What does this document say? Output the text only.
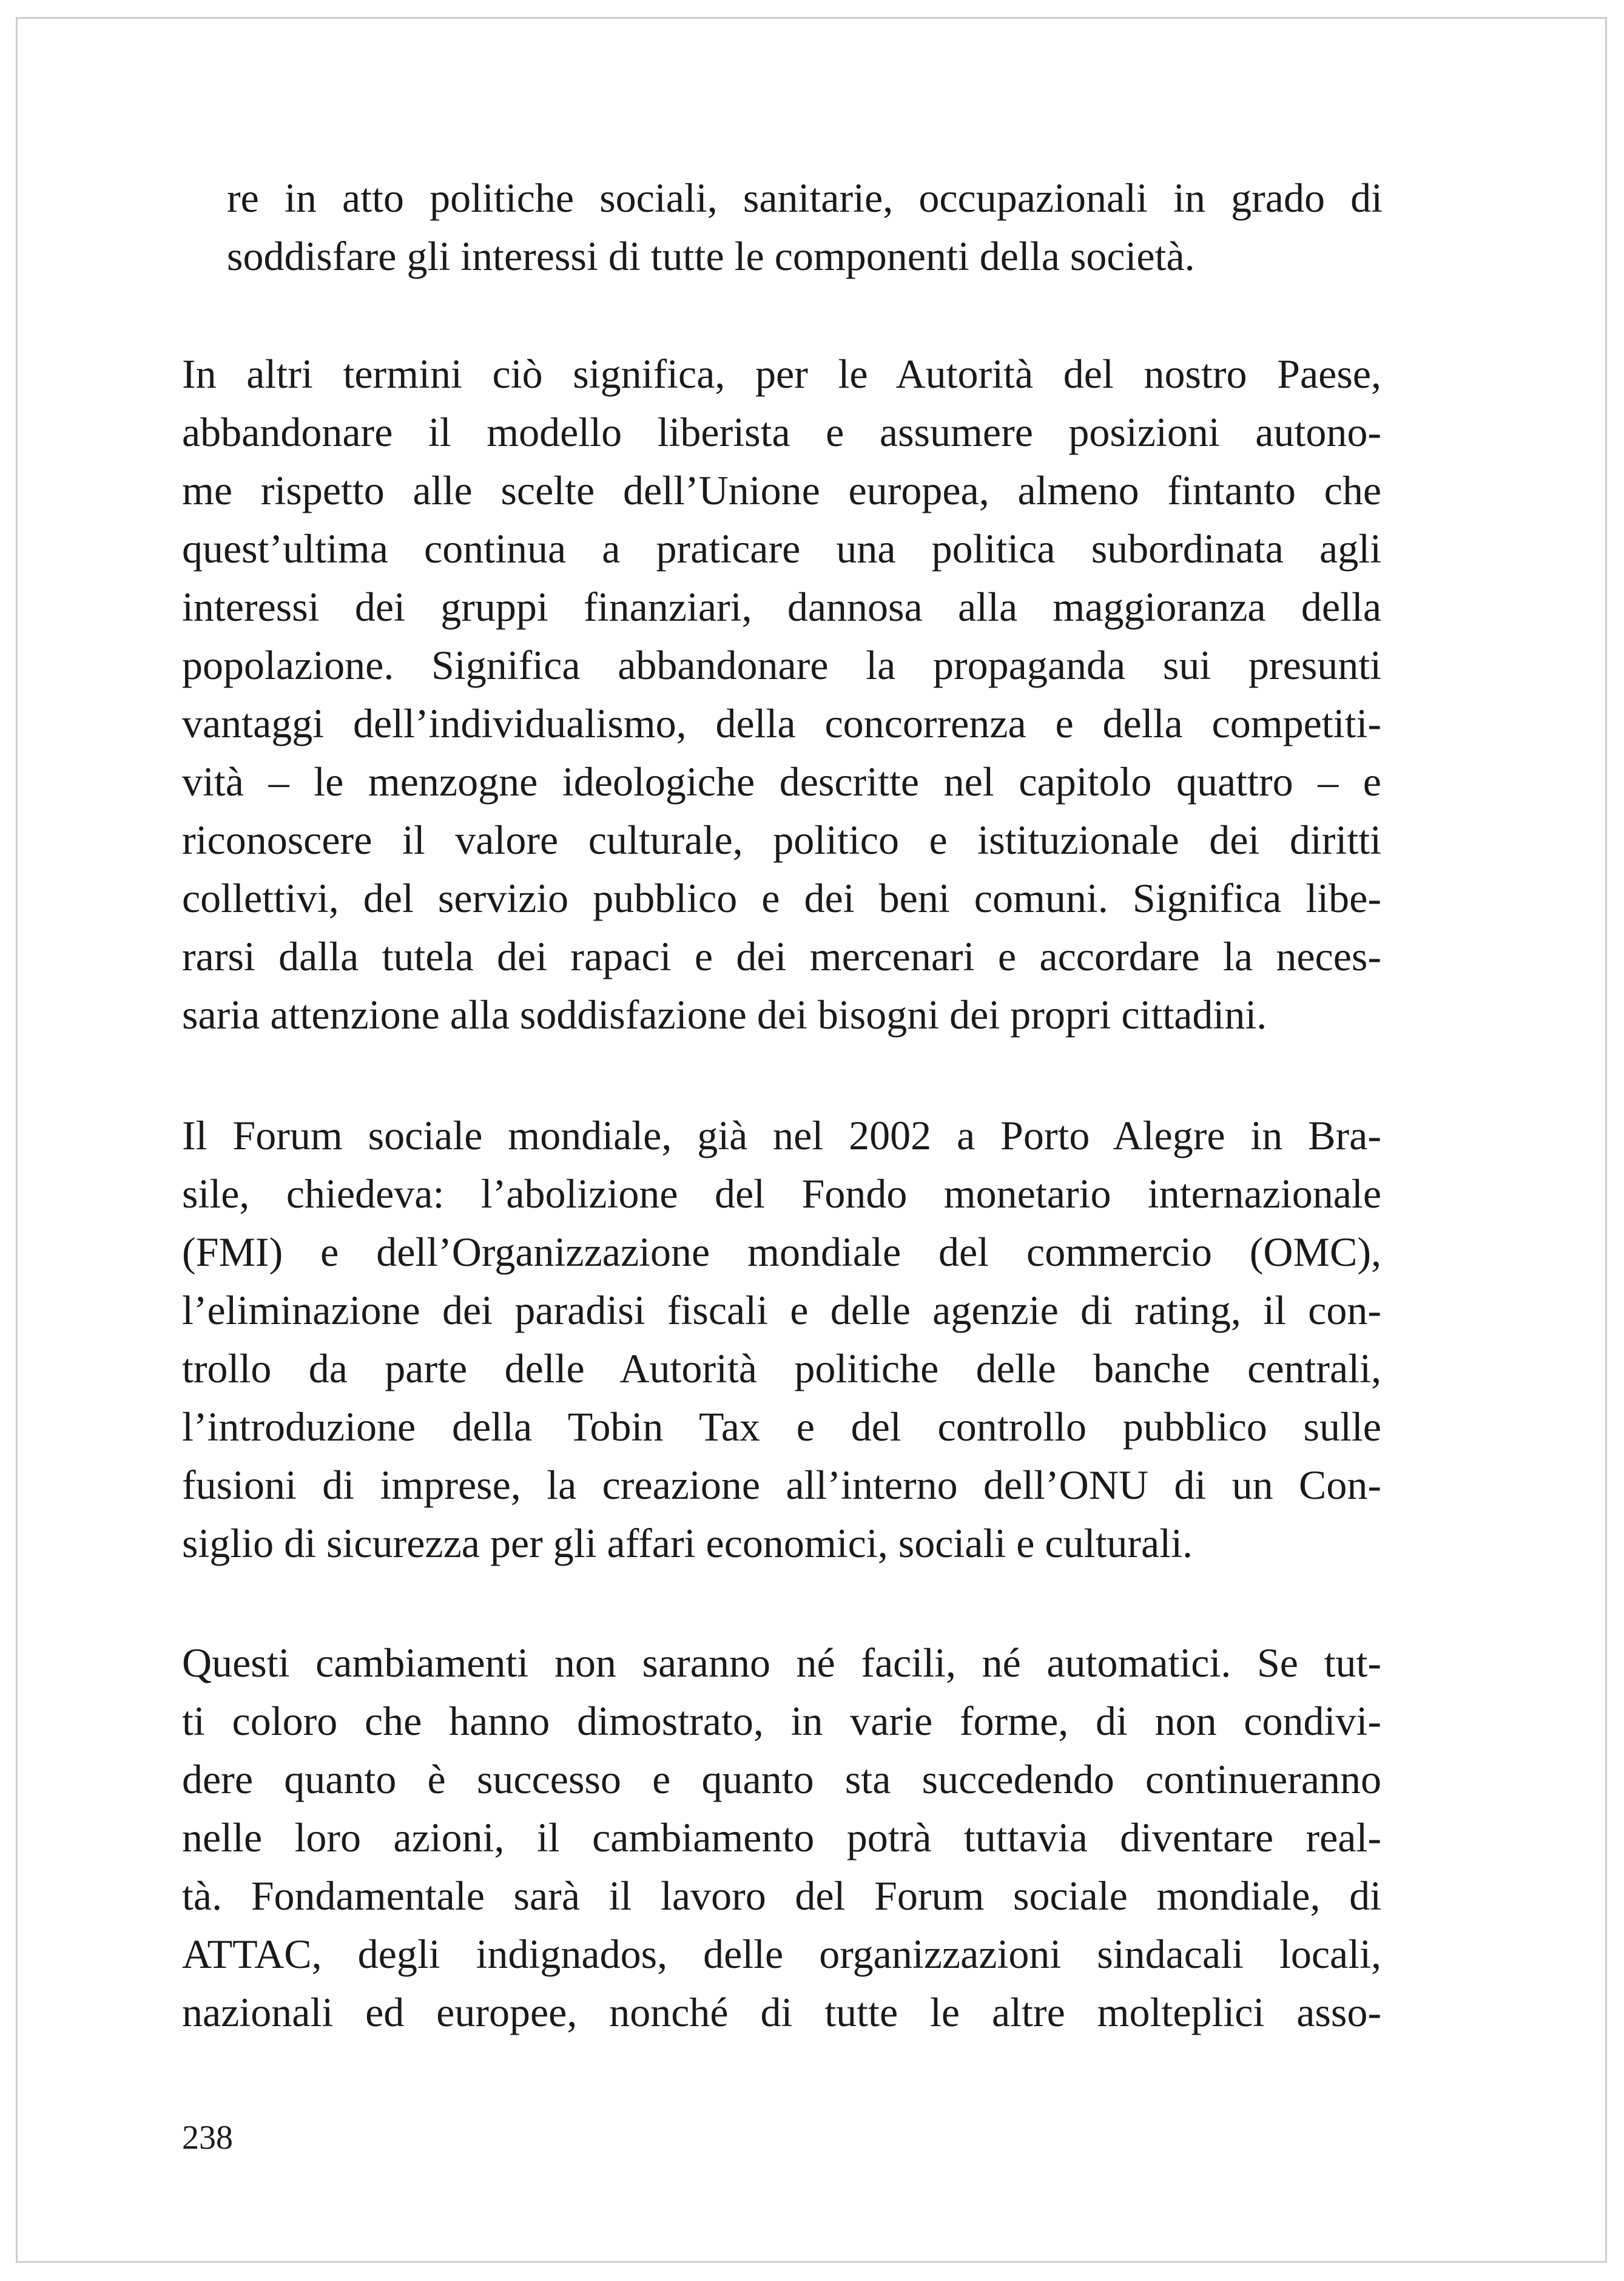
re in atto politiche sociali, sanitarie, occupazionali in grado di
soddisfare gli interessi di tutte le componenti della società.
In altri termini ciò significa, per le Autorità del nostro Paese,
abbandonare il modello liberista e assumere posizioni autono-
me rispetto alle scelte dell’Unione europea, almeno fintanto che
quest’ultima continua a praticare una politica subordinata agli
interessi dei gruppi finanziari, dannosa alla maggioranza della
popolazione. Significa abbandonare la propaganda sui presunti
vantaggi dell’individualismo, della concorrenza e della competiti-
vità – le menzogne ideologiche descritte nel capitolo quattro – e
riconoscere il valore culturale, politico e istituzionale dei diritti
collettivi, del servizio pubblico e dei beni comuni. Significa libe-
rarsi dalla tutela dei rapaci e dei mercenari e accordare la neces-
saria attenzione alla soddisfazione dei bisogni dei propri cittadini.
Il Forum sociale mondiale, già nel 2002 a Porto Alegre in Bra-
sile, chiedeva: l’abolizione del Fondo monetario internazionale
(FMI) e dell’Organizzazione mondiale del commercio (OMC),
l’eliminazione dei paradisi fiscali e delle agenzie di rating, il con-
trollo da parte delle Autorità politiche delle banche centrali,
l’introduzione della Tobin Tax e del controllo pubblico sulle
fusioni di imprese, la creazione all’interno dell’ONU di un Con-
siglio di sicurezza per gli affari economici, sociali e culturali.
Questi cambiamenti non saranno né facili, né automatici. Se tut-
ti coloro che hanno dimostrato, in varie forme, di non condivi-
dere quanto è successo e quanto sta succedendo continueranno
nelle loro azioni, il cambiamento potrà tuttavia diventare real-
tà. Fondamentale sarà il lavoro del Forum sociale mondiale, di
ATTAC, degli indignados, delle organizzazioni sindacali locali,
nazionali ed europee, nonché di tutte le altre molteplici asso-
238
